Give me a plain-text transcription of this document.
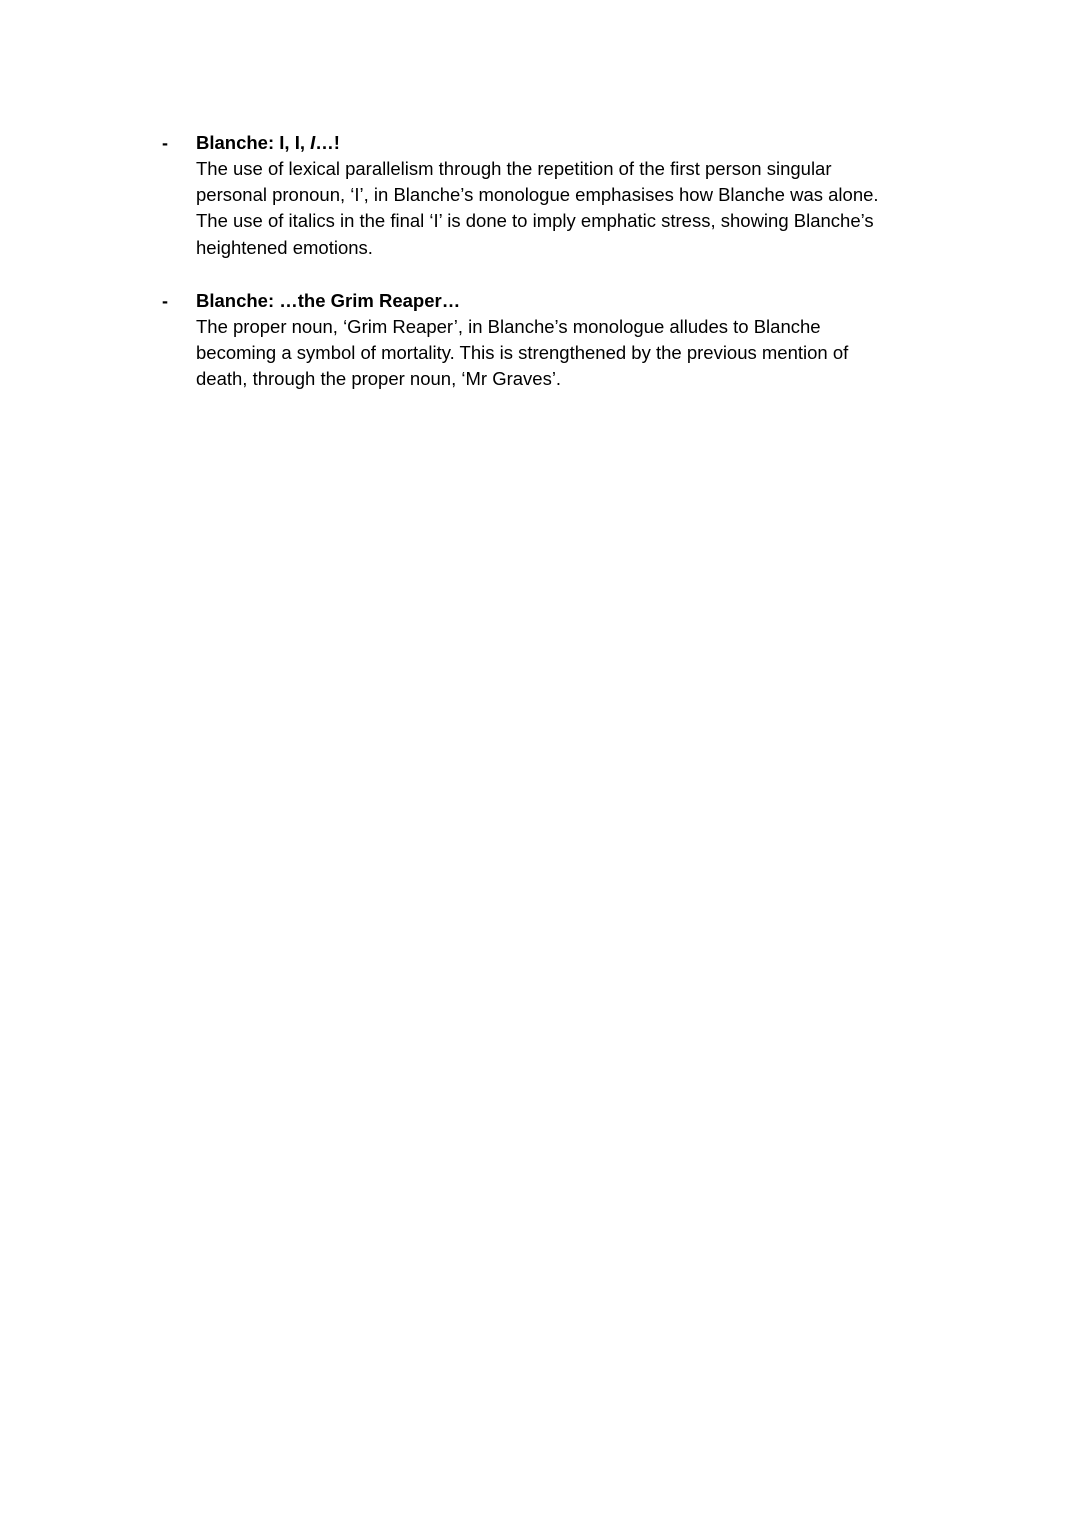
- Blanche: I, I, I…!

The use of lexical parallelism through the repetition of the first person singular
personal pronoun, ‘I’, in Blanche’s monologue emphasises how Blanche was alone.
The use of italics in the final ‘I’ is done to imply emphatic stress, showing Blanche’s
heightened emotions.

- Blanche: …the Grim Reaper…

The proper noun, ‘Grim Reaper’, in Blanche’s monologue alludes to Blanche
becoming a symbol of mortality. This is strengthened by the previous mention of
death, through the proper noun, ‘Mr Graves’.
